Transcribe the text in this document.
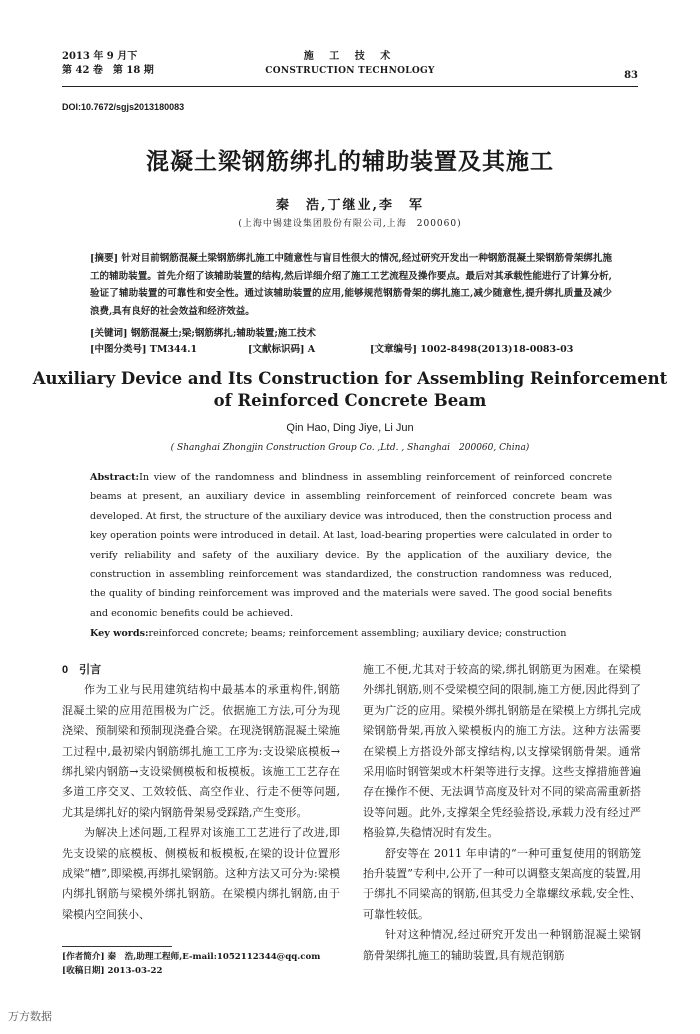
2013 年 9 月下
第 42 卷　第 18 期
施 工 技 术
CONSTRUCTION TECHNOLOGY	83
DOI:10.7672/sgjs2013180083
混凝土梁钢筋绑扎的辅助装置及其施工
秦　浩,丁继业,李　军
(上海中锡建设集团股份有限公司,上海　200060)
[摘要] 针对目前钢筋混凝土梁钢筋绑扎施工中随意性与盲目性很大的情况,经过研究开发出一种钢筋混凝土梁钢筋骨架绑扎施工的辅助装置。首先介绍了该辅助装置的结构,然后详细介绍了施工工艺流程及操作要点。最后对其承载性能进行了计算分析,验证了辅助装置的可靠性和安全性。通过该辅助装置的应用,能够规范钢筋骨架的绑扎施工,减少随意性,提升绑扎质量及减少浪费,具有良好的社会效益和经济效益。
[关键词] 钢筋混凝土;梁;钢筋绑扎;辅助装置;施工技术
[中图分类号] TM344.1	[文献标识码] A	[文章编号] 1002-8498(2013)18-0083-03
Auxiliary Device and Its Construction for Assembling Reinforcement
of Reinforced Concrete Beam
Qin Hao, Ding Jiye, Li Jun
( Shanghai Zhongjin Construction Group Co. ,Ltd. , Shanghai　200060, China)
Abstract:In view of the randomness and blindness in assembling reinforcement of reinforced concrete beams at present, an auxiliary device in assembling reinforcement of reinforced concrete beam was developed. At first, the structure of the auxiliary device was introduced, then the construction process and key operation points were introduced in detail. At last, load-bearing properties were calculated in order to verify reliability and safety of the auxiliary device. By the application of the auxiliary device, the construction in assembling reinforcement was standardized, the construction randomness was reduced, the quality of binding reinforcement was improved and the materials were saved. The good social benefits and economic benefits could be achieved.
Key words:reinforced concrete; beams; reinforcement assembling; auxiliary device; construction
0　引言

作为工业与民用建筑结构中最基本的承重构件,钢筋混凝土梁的应用范围极为广泛。依据施工方法,可分为现浇梁、预制梁和预制现浇叠合梁。在现浇钢筋混凝土梁施工过程中,最初梁内钢筋绑扎施工工序为:支设梁底模板→绑扎梁内钢筋→支设梁侧模板和板模板。该施工工艺存在多道工序交叉、工效较低、高空作业、行走不便等问题,尤其是绑扎好的梁内钢筋骨架易受踩踏,产生变形。

为解决上述问题,工程界对该施工工艺进行了改进,即先支设梁的底模板、侧模板和板模板,在梁的设计位置形成梁“槽”,即梁模,再绑扎梁钢筋。这种方法又可分为:梁模内绑扎钢筋与梁模外绑扎钢筋。在梁模内绑扎钢筋,由于梁模内空间狭小、

施工不便,尤其对于较高的梁,绑扎钢筋更为困难。在梁模外绑扎钢筋,则不受梁模空间的限制,施工方便,因此得到了更为广泛的应用。梁模外绑扎钢筋是在梁模上方绑扎完成梁钢筋骨架,再放入梁模板内的施工方法。这种方法需要在梁模上方搭设外部支撑结构,以支撑梁钢筋骨架。通常采用临时钢管架或木杆架等进行支撑。这些支撑措施普遍存在操作不便、无法调节高度及针对不同的梁高需重新搭设等问题。此外,支撑架全凭经验搭设,承载力没有经过严格验算,失稳情况时有发生。

舒安等在 2011 年申请的“一种可重复使用的钢筋笼抬升装置”专利中,公开了一种可以调整支架高度的装置,用于绑扎不同梁高的钢筋,但其受力全靠螺纹承载,安全性、可靠性较低。

针对这种情况,经过研究开发出一种钢筋混凝土梁钢筋骨架绑扎施工的辅助装置,具有规范钢筋

[作者简介] 秦　浩,助理工程师,E-mail:1052112344@qq.com
[收稿日期] 2013-03-22
万方数据
